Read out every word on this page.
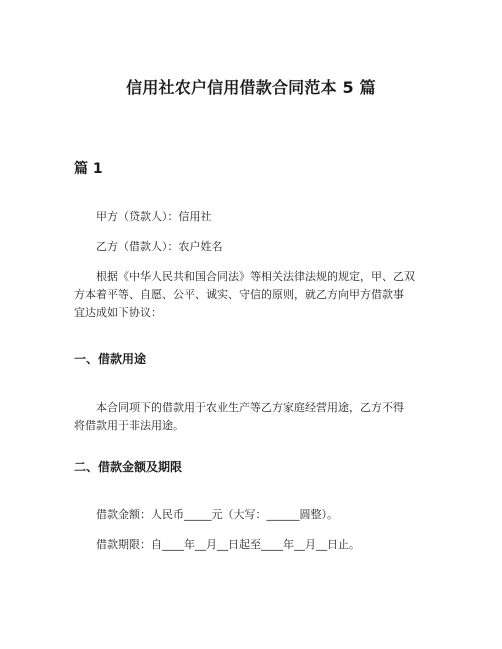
信用社农户信用借款合同范本 5 篇
篇 1

甲方（贷款人）：信用社

乙方（借款人）：农户姓名

根据《中华人民共和国合同法》等相关法律法规的规定，甲、乙双
方本着平等、自愿、公平、诚实、守信的原则，就乙方向甲方借款事
宜达成如下协议：

一、借款用途

本合同项下的借款用于农业生产等乙方家庭经营用途，乙方不得
将借款用于非法用途。

二、借款金额及期限

借款金额：人民币_____元（大写：______圆整）。

借款期限：自____年__月__日起至____年__月__日止。
